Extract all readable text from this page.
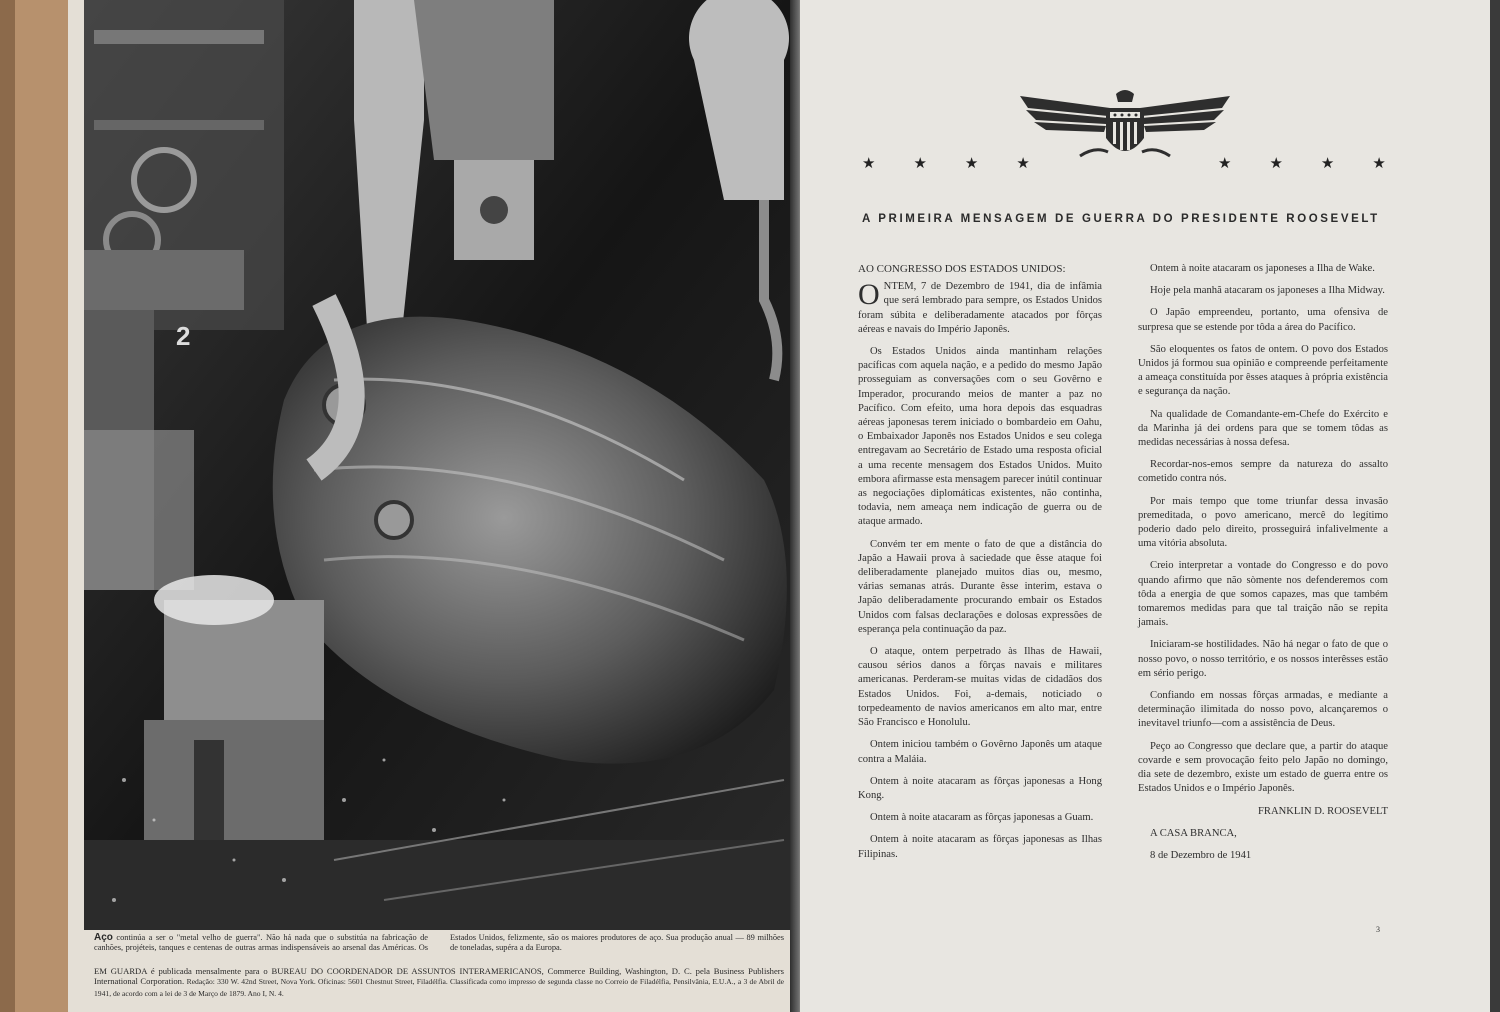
2
Aço continúa a ser o "metal velho de guerra". Não há nada que o substitúa na fabricação de canhões, projéteis, tanques e centenas de outras armas indispensáveis ao arsenal das Américas. Os Estados Unidos, felizmente, são os maiores produtores de aço. Sua produção anual — 89 milhões de toneladas, supéra a da Europa.
EM GUARDA é publicada mensalmente para o BUREAU DO COORDENADOR DE ASSUNTOS INTERAMERICANOS, Commerce Building, Washington, D. C. pela Business Publishers International Corporation. Redação: 330 W. 42nd Street, Nova York. Oficinas: 5601 Chestnut Street, Filadélfia. Classificada como impresso de segunda classe no Correio de Filadélfia, Pensilvânia, E.U.A., a 3 de Abril de 1941, de acordo com a lei de 3 de Março de 1879. Ano I, N. 4.
★★★★	★★★★
A PRIMEIRA MENSAGEM DE GUERRA DO PRESIDENTE ROOSEVELT
AO CONGRESSO DOS ESTADOS UNIDOS:

ONTEM, 7 de Dezembro de 1941, dia de infâmia que será lembrado para sempre, os Estados Unidos foram súbita e deliberadamente atacados por fôrças aéreas e navais do Império Japonês.

Os Estados Unidos ainda mantinham relações pacíficas com aquela nação, e a pedido do mesmo Japão prosseguiam as conversações com o seu Govêrno e Imperador, procurando meios de manter a paz no Pacífico. Com efeito, uma hora depois das esquadras aéreas japonesas terem iniciado o bombardeio em Oahu, o Embaixador Japonês nos Estados Unidos e seu colega entregavam ao Secretário de Estado uma resposta oficial a uma recente mensagem dos Estados Unidos. Muito embora afirmasse esta mensagem parecer inútil continuar as negociações diplomáticas existentes, não continha, todavia, nem ameaça nem indicação de guerra ou de ataque armado.

Convém ter em mente o fato de que a distância do Japão a Hawaii prova à saciedade que êsse ataque foi deliberadamente planejado muitos dias ou, mesmo, várias semanas atrás. Durante êsse interim, estava o Japão deliberadamente procurando embair os Estados Unidos com falsas declarações e dolosas expressões de esperança pela continuação da paz.

O ataque, ontem perpetrado às Ilhas de Hawaii, causou sérios danos a fôrças navais e militares americanas. Perderam-se muitas vidas de cidadãos dos Estados Unidos. Foi, a-demais, noticiado o torpedeamento de navios americanos em alto mar, entre São Francisco e Honolulu.

Ontem iniciou também o Govêrno Japonês um ataque contra a Maláia.

Ontem à noite atacaram as fôrças japonesas a Hong Kong.

Ontem à noite atacaram as fôrças japonesas a Guam.

Ontem à noite atacaram as fôrças japonesas as Ilhas Filipinas.

Ontem à noite atacaram os japoneses a Ilha de Wake.

Hoje pela manhã atacaram os japoneses a Ilha Midway.

O Japão empreendeu, portanto, uma ofensiva de surpresa que se estende por tôda a área do Pacífico.

São eloquentes os fatos de ontem. O povo dos Estados Unidos já formou sua opinião e compreende perfeitamente a ameaça constituída por êsses ataques à própria existência e segurança da nação.

Na qualidade de Comandante-em-Chefe do Exército e da Marinha já dei ordens para que se tomem tôdas as medidas necessárias à nossa defesa.

Recordar-nos-emos sempre da natureza do assalto cometido contra nós.

Por mais tempo que tome triunfar dessa invasão premeditada, o povo americano, mercê do legítimo poderio dado pelo direito, prosseguirá infalivelmente a uma vitória absoluta.

Creio interpretar a vontade do Congresso e do povo quando afirmo que não sòmente nos defenderemos com tôda a energia de que somos capazes, mas que também tomaremos medidas para que tal traição não se repita jamais.

Iniciaram-se hostilidades. Não há negar o fato de que o nosso povo, o nosso território, e os nossos interêsses estão em sério perigo.

Confiando em nossas fôrças armadas, e mediante a determinação ilimitada do nosso povo, alcançaremos o inevitavel triunfo—com a assistência de Deus.

Peço ao Congresso que declare que, a partir do ataque covarde e sem provocação feito pelo Japão no domingo, dia sete de dezembro, existe um estado de guerra entre os Estados Unidos e o Império Japonês.

FRANKLIN D. ROOSEVELT

A CASA BRANCA,

8 de Dezembro de 1941

3
